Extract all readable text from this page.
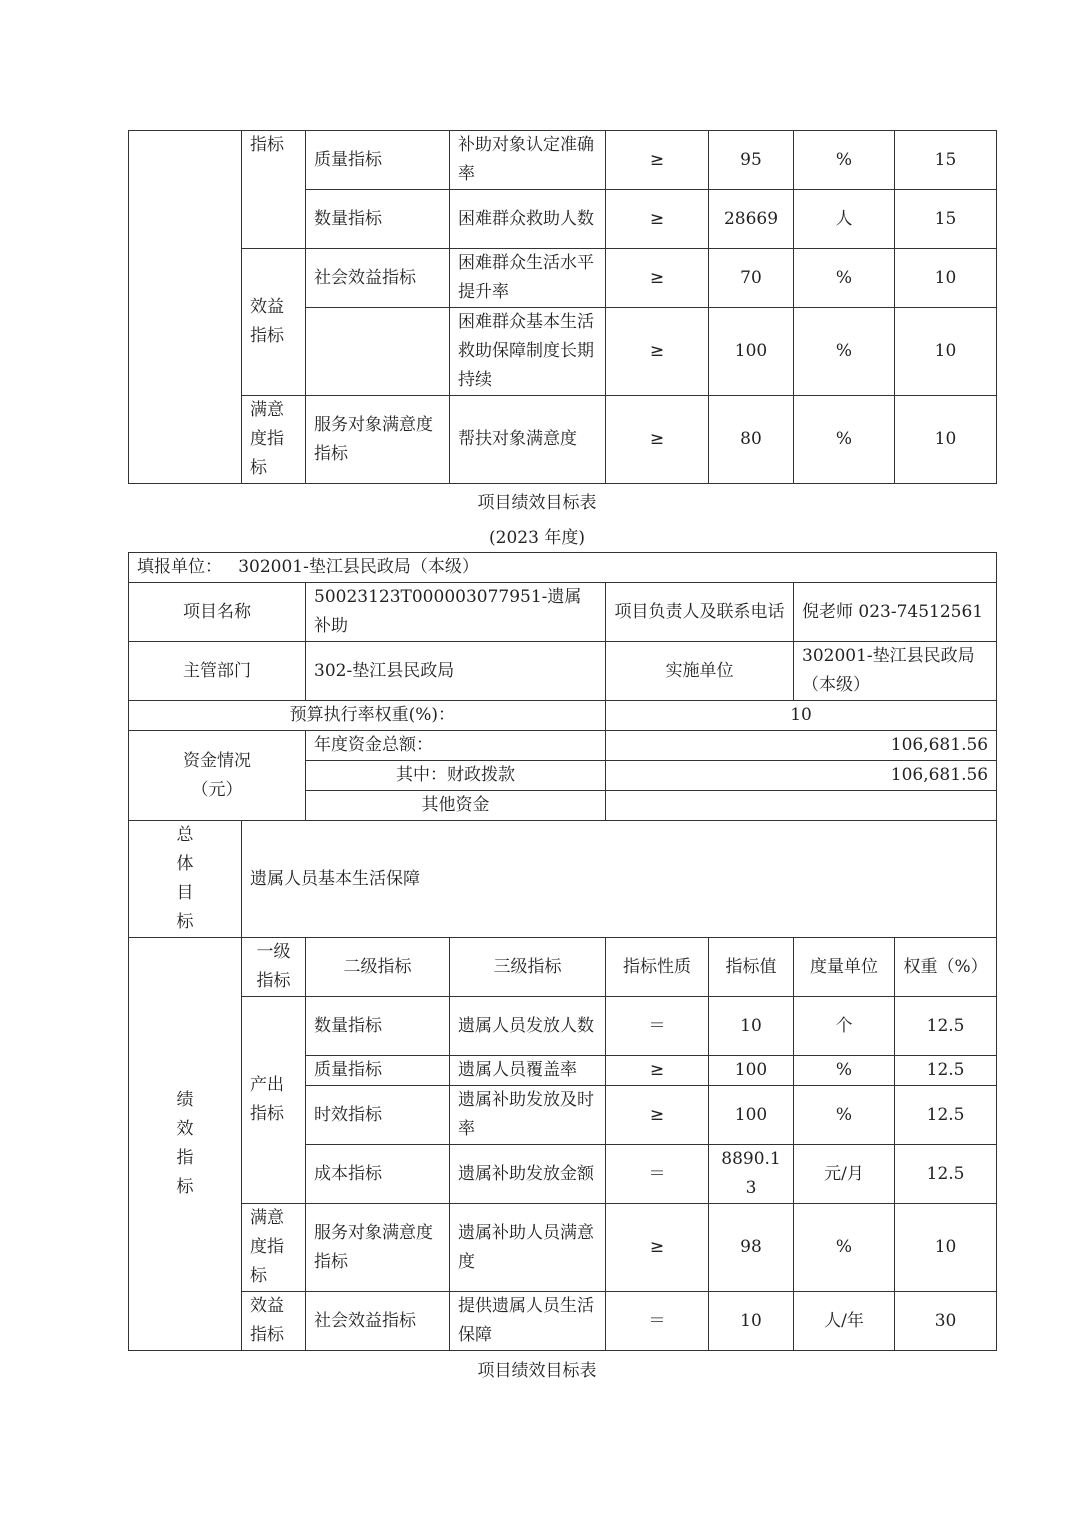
	指标	质量指标	补助对象认定准确率	≥	95	%	15
		数量指标	困难群众救助人数	≥	28669	人	15
	效益指标	社会效益指标	困难群众生活水平提升率	≥	70	%	10
			困难群众基本生活救助保障制度长期持续	≥	100	%	10
	满意度指标	服务对象满意度指标	帮扶对象满意度	≥	80	%	10
项目绩效目标表
(2023 年度)
填报单位： 302001-垫江县民政局（本级）							
项目名称		50023123T000003077951-遗属补助		项目负责人及联系电话		倪老师 023-74512561	
主管部门		302-垫江县民政局		实施单位		302001-垫江县民政局（本级）	
预算执行率权重(%)：				10			
资金情况（元）		年度资金总额：		106,681.56			
		其中：财政拨款		106,681.56			
		其他资金					
总体目标	遗属人员基本生活保障						
绩效指标	一级指标	二级指标	三级指标	指标性质	指标值	度量单位	权重（%）
	产出指标	数量指标	遗属人员发放人数	＝	10	个	12.5
		质量指标	遗属人员覆盖率	≥	100	%	12.5
		时效指标	遗属补助发放及时率	≥	100	%	12.5
		成本指标	遗属补助发放金额	＝	8890.13	元/月	12.5
	满意度指标	服务对象满意度指标	遗属补助人员满意度	≥	98	%	10
	效益指标	社会效益指标	提供遗属人员生活保障	＝	10	人/年	30
项目绩效目标表
